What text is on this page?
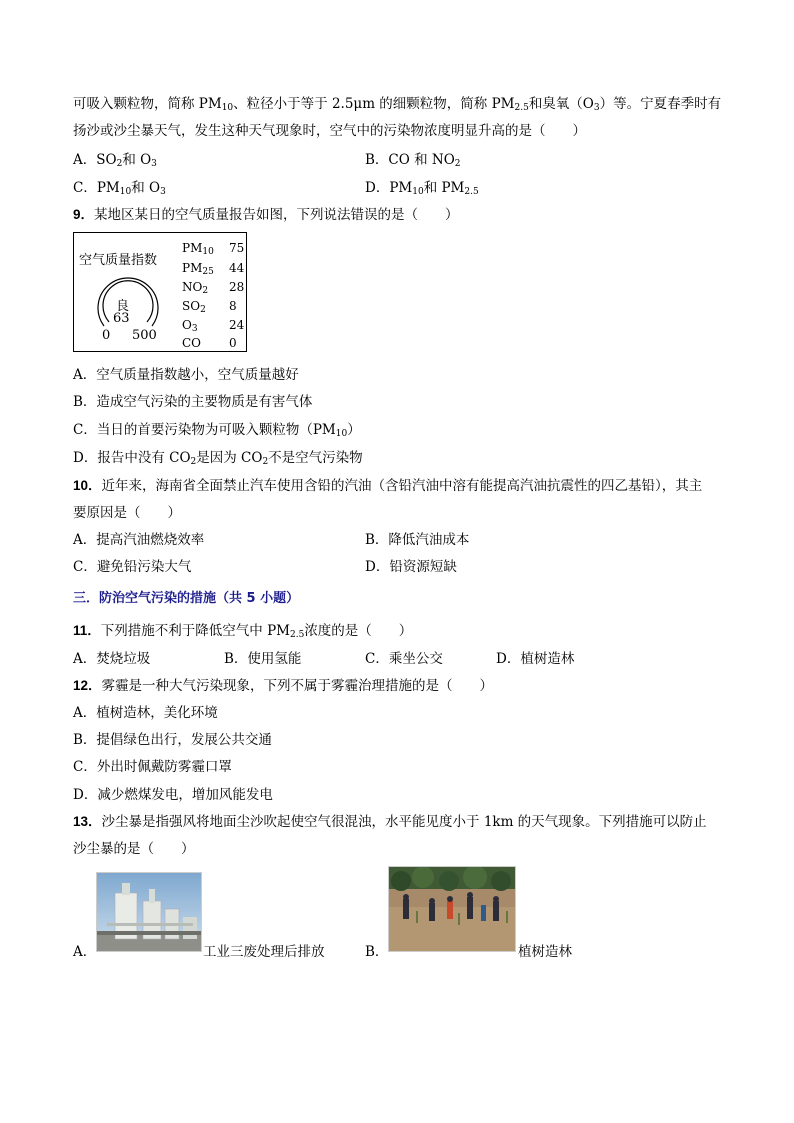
可吸入颗粒物，简称 $PM_{10}$、粒径小于等于 2.5μm 的细颗粒物，简称 $PM_{2.5}$和臭氧$(O_3)$等。宁夏春季时有
扬沙或沙尘暴天气，发生这种天气现象时，空气中的污染物浓度明显升高的是（　　）
A．$SO_2$和 $O_3$	B．CO 和 $NO_2$
C．$PM_{10}$和 $O_3$	D．$PM_{10}$和 $PM_{2.5}$
9．某地区某日的空气质量报告如图，下列说法错误的是（　　）
空气质量指数
良
63
0 500
$PM_{10}$ 75
$PM_{25}$ 44
$NO_2$ 28
$SO_2$ 8
$O_3$	24
CO 0
A．空气质量指数越小，空气质量越好
B．造成空气污染的主要物质是有害气体
C．当日的首要污染物为可吸入颗粒物$(PM_{10})$
D．报告中没有 $CO_2$是因为 $CO_2$不是空气污染物
10．近年来，海南省全面禁止汽车使用含铅的汽油（含铅汽油中溶有能提高汽油抗震性的四乙基铅），其主
要原因是（　　）
A．提高汽油燃烧效率	B．降低汽油成本
C．避免铅污染大气	D．铅资源短缺
三．防治空气污染的措施（共 5 小题）
11．下列措施不利于降低空气中 $PM_{2.5}$浓度的是（　　）
A．焚烧垃圾	B．使用氢能	C．乘坐公交	D．植树造林
12．雾霾是一种大气污染现象，下列不属于雾霾治理措施的是（　　）
A．植树造林，美化环境
B．提倡绿色出行，发展公共交通
C．外出时佩戴防雾霾口罩
D．减少燃煤发电，增加风能发电
13．沙尘暴是指强风将地面尘沙吹起使空气很混浊，水平能见度小于 1km 的天气现象。下列措施可以防止
沙尘暴的是（　　）
A．	工业三废处理后排放	B．	植树造林
